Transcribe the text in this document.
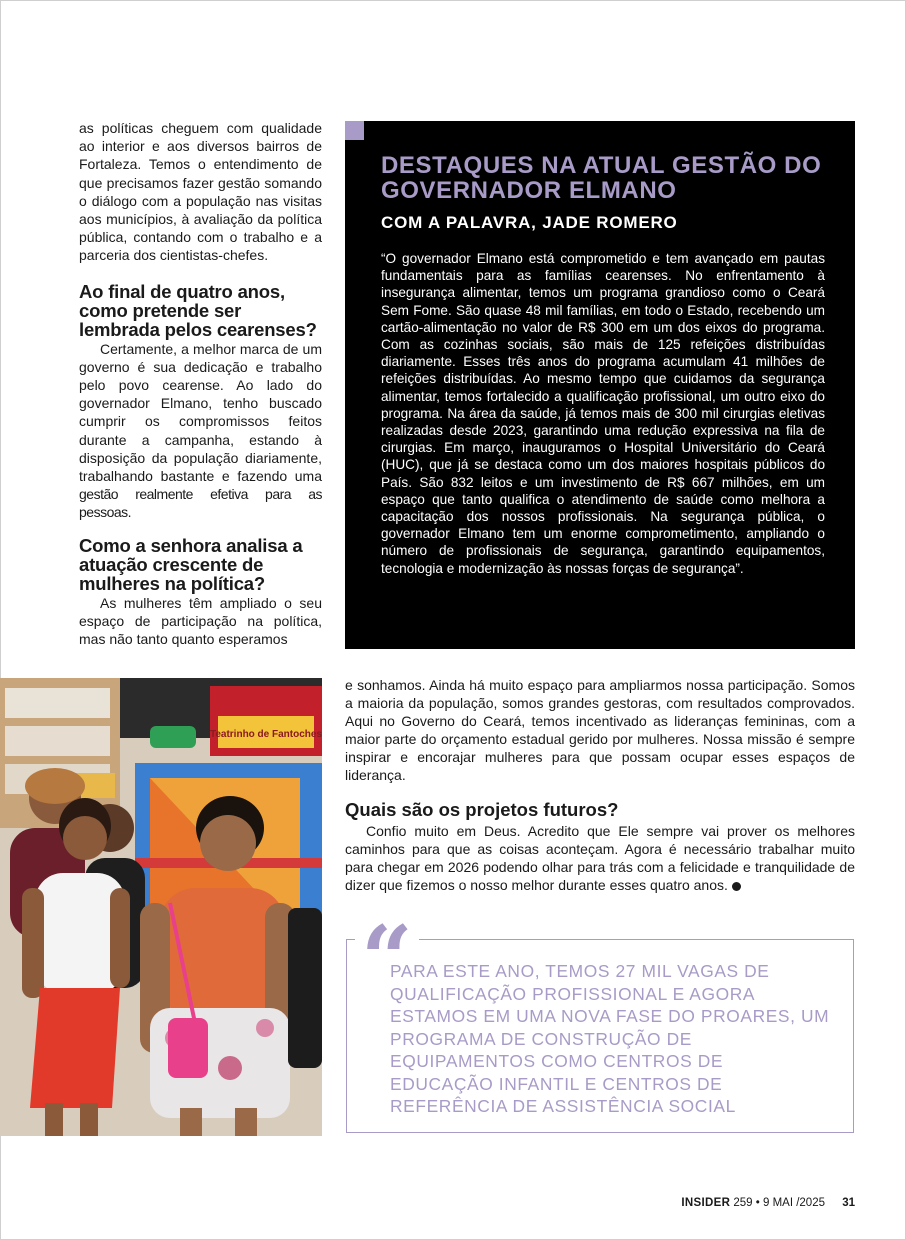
as políticas cheguem com qualidade ao interior e aos diversos bairros de Fortaleza. Temos o entendimento de que precisamos fazer gestão somando o diálogo com a população nas visitas aos municípios, à avaliação da política pública, contando com o trabalho e a parceria dos cientistas-chefes.

Ao final de quatro anos, como pretende ser lembrada pelos cearenses?

Certamente, a melhor marca de um governo é sua dedicação e trabalho pelo povo cearense. Ao lado do governador Elmano, tenho buscado cumprir os compromissos feitos durante a campanha, estando à disposição da população diariamente, trabalhando bastante e fazendo uma gestão realmente efetiva para as pessoas.

Como a senhora analisa a atuação crescente de mulheres na política?

As mulheres têm ampliado o seu espaço de participação na política, mas não tanto quanto esperamos

DESTAQUES NA ATUAL GESTÃO DO GOVERNADOR ELMANO
COM A PALAVRA, JADE ROMERO

“O governador Elmano está comprometido e tem avançado em pautas fundamentais para as famílias cearenses. No enfrentamento à insegurança alimentar, temos um programa grandioso como o Ceará Sem Fome. São quase 48 mil famílias, em todo o Estado, recebendo um cartão-alimentação no valor de R$ 300 em um dos eixos do programa. Com as cozinhas sociais, são mais de 125 refeições distribuídas diariamente. Esses três anos do programa acumulam 41 milhões de refeições distribuídas. Ao mesmo tempo que cuidamos da segurança alimentar, temos fortalecido a qualificação profissional, um outro eixo do programa. Na área da saúde, já temos mais de 300 mil cirurgias eletivas realizadas desde 2023, garantindo uma redução expressiva na fila de cirurgias. Em março, inauguramos o Hospital Universitário do Ceará (HUC), que já se destaca como um dos maiores hospitais públicos do País. São 832 leitos e um investimento de R$ 667 milhões, em um espaço que tanto qualifica o atendimento de saúde como melhora a capacitação dos nossos profissionais. Na segurança pública, o governador Elmano tem um enorme comprometimento, ampliando o número de profissionais de segurança, garantindo equipamentos, tecnologia e modernização às nossas forças de segurança”.

Teatrinho de Fantoches

e sonhamos. Ainda há muito espaço para ampliarmos nossa participação. Somos a maioria da população, somos grandes gestoras, com resultados comprovados. Aqui no Governo do Ceará, temos incentivado as lideranças femininas, com a maior parte do orçamento estadual gerido por mulheres. Nossa missão é sempre inspirar e encorajar mulheres para que possam ocupar esses espaços de liderança.

Quais são os projetos futuros?

Confio muito em Deus. Acredito que Ele sempre vai prover os melhores caminhos para que as coisas aconteçam. Agora é necessário trabalhar muito para chegar em 2026 podendo olhar para trás com a felicidade e tranquilidade de dizer que fizemos o nosso melhor durante esses quatro anos.

“

PARA ESTE ANO, TEMOS 27 MIL VAGAS DE QUALIFICAÇÃO PROFISSIONAL E AGORA ESTAMOS EM UMA NOVA FASE DO PROARES, UM PROGRAMA DE CONSTRUÇÃO DE EQUIPAMENTOS COMO CENTROS DE EDUCAÇÃO INFANTIL E CENTROS DE REFERÊNCIA DE ASSISTÊNCIA SOCIAL

INSIDER 259 • 9 MAI /2025 31
